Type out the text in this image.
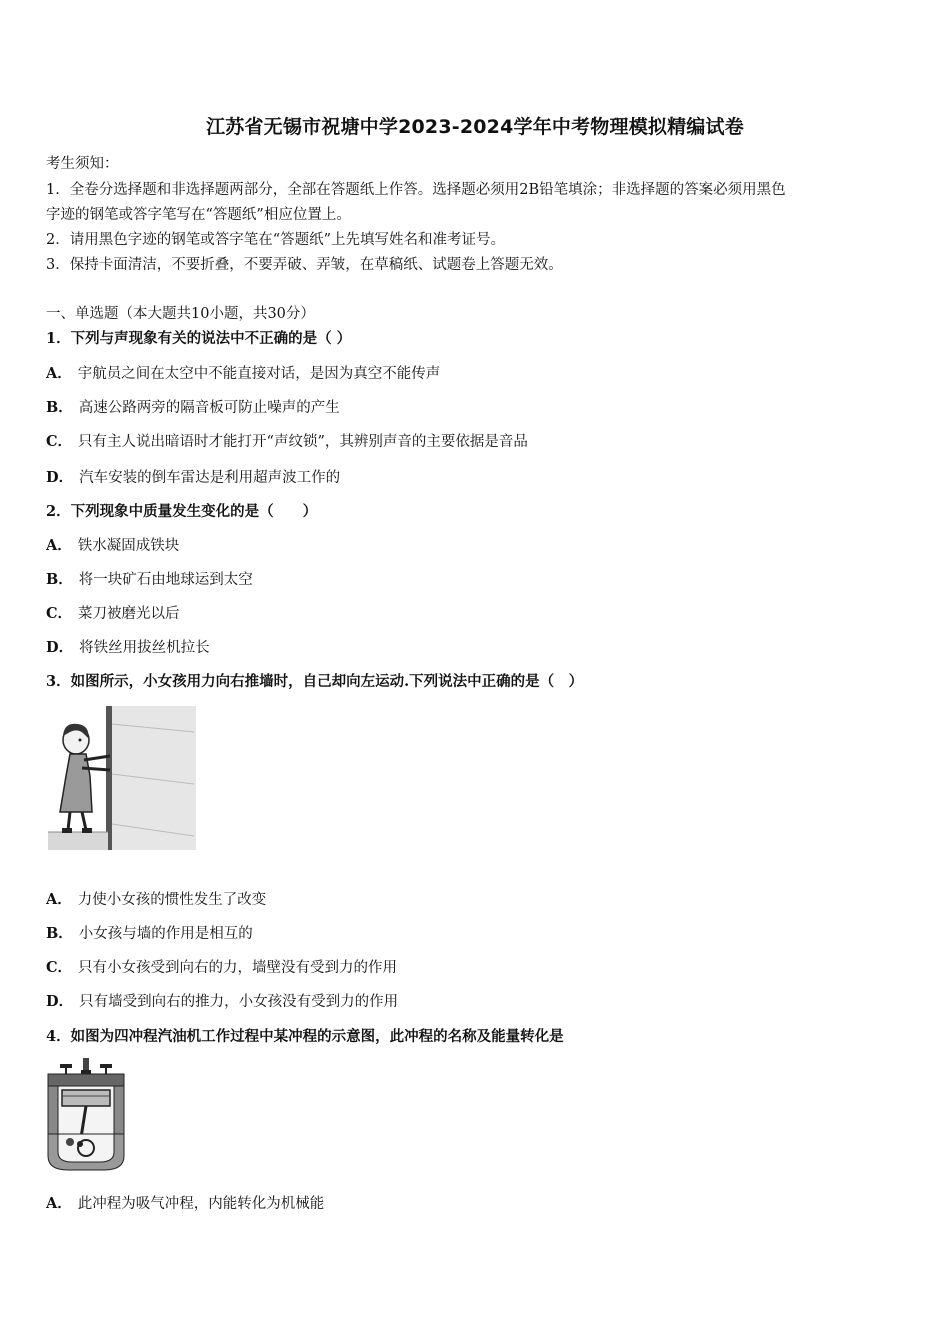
江苏省无锡市祝塘中学2023-2024学年中考物理模拟精编试卷
考生须知：
1．全卷分选择题和非选择题两部分，全部在答题纸上作答。选择题必须用2B铅笔填涂；非选择题的答案必须用黑色
字迹的钢笔或答字笔写在“答题纸”相应位置上。
2．请用黑色字迹的钢笔或答字笔在“答题纸”上先填写姓名和准考证号。
3．保持卡面清洁，不要折叠，不要弄破、弄皱，在草稿纸、试题卷上答题无效。
一、单选题（本大题共10小题，共30分）
1．下列与声现象有关的说法中不正确的是（ ）
A． 宇航员之间在太空中不能直接对话，是因为真空不能传声
B． 高速公路两旁的隔音板可防止噪声的产生
C． 只有主人说出暗语时才能打开“声纹锁”，其辨别声音的主要依据是音品
D． 汽车安装的倒车雷达是利用超声波工作的
2．下列现象中质量发生变化的是（　　）
A． 铁水凝固成铁块
B． 将一块矿石由地球运到太空
C． 菜刀被磨光以后
D． 将铁丝用拔丝机拉长
3．如图所示，小女孩用力向右推墙时，自己却向左运动.下列说法中正确的是（　）
A． 力使小女孩的惯性发生了改变
B． 小女孩与墙的作用是相互的
C． 只有小女孩受到向右的力，墙壁没有受到力的作用
D． 只有墙受到向右的推力，小女孩没有受到力的作用
4．如图为四冲程汽油机工作过程中某冲程的示意图，此冲程的名称及能量转化是
A． 此冲程为吸气冲程，内能转化为机械能
